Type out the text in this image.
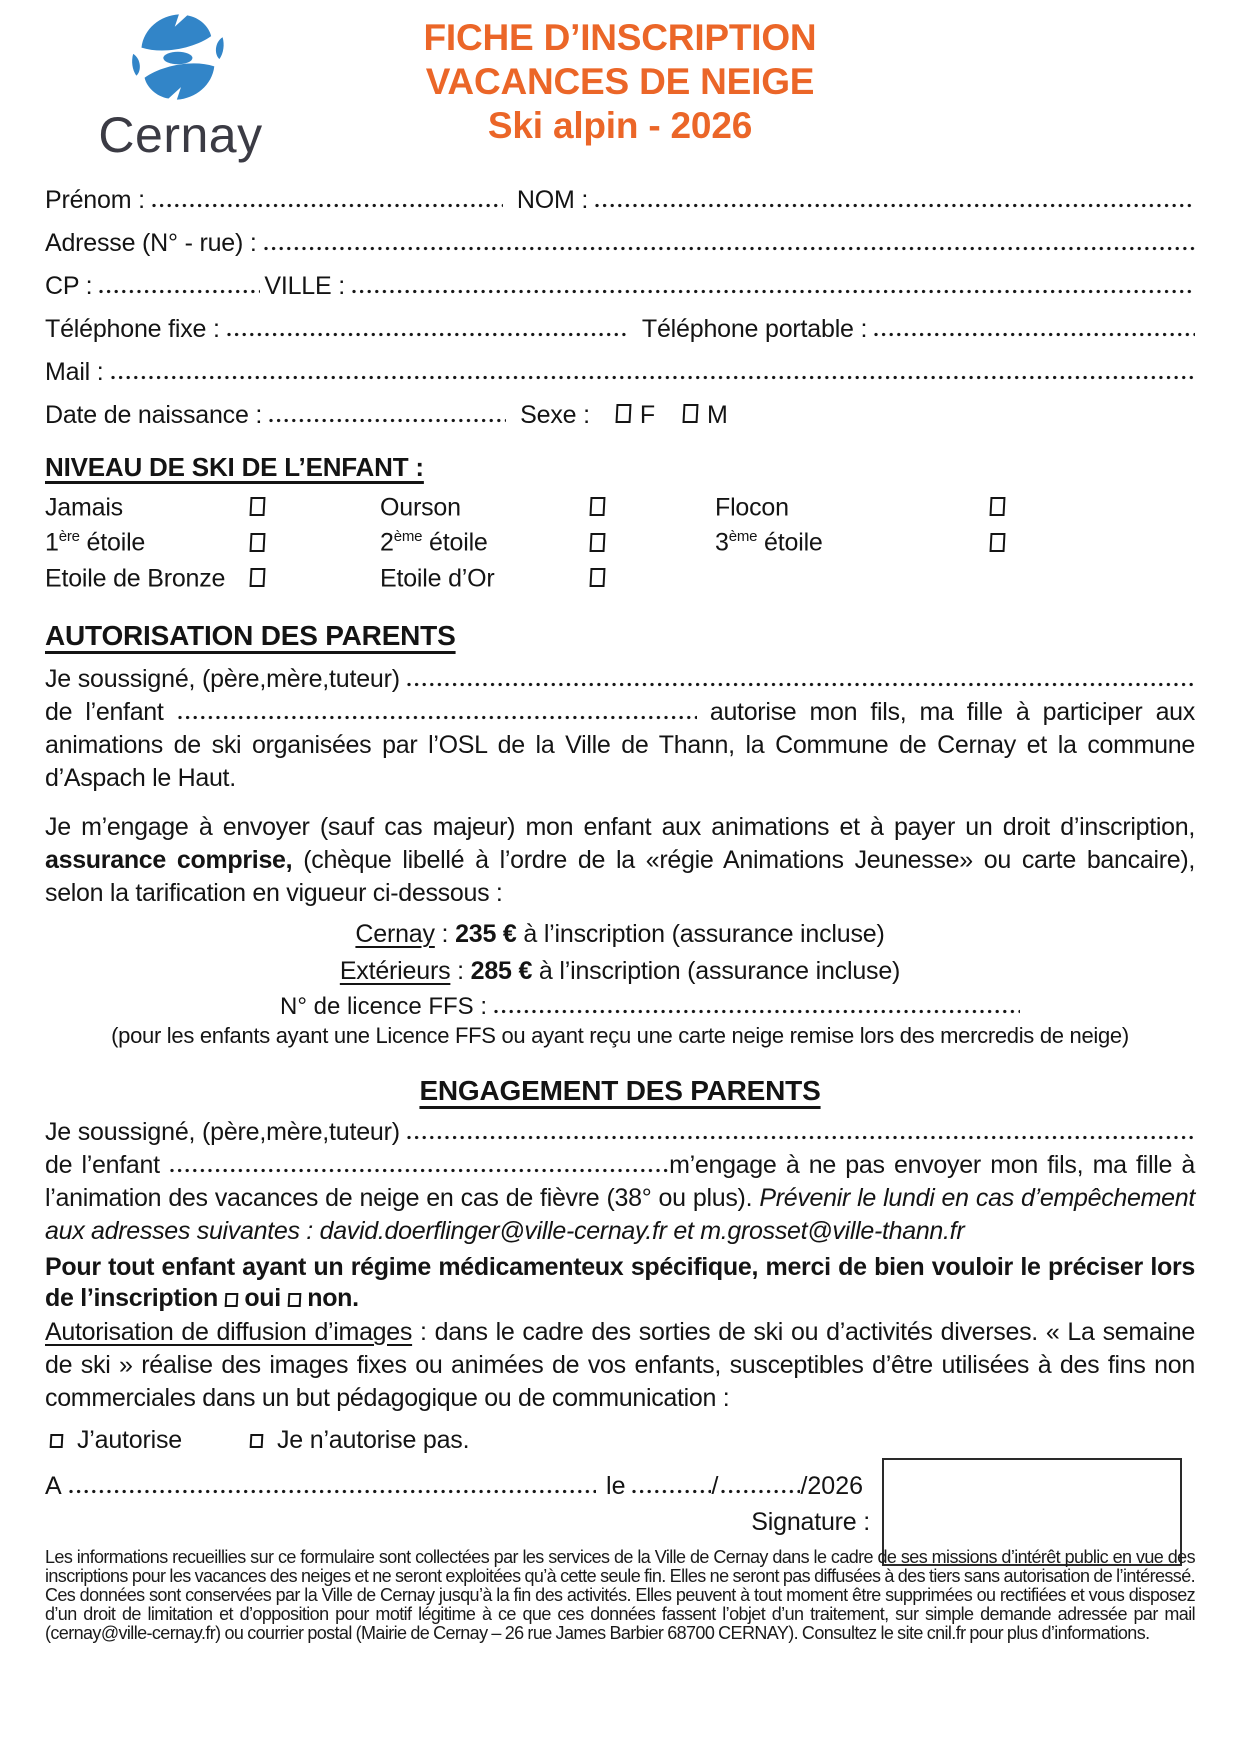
Cernay
FICHE D’INSCRIPTION
VACANCES DE NEIGE
Ski alpin - 2026
Prénom :	NOM :
Adresse (N° - rue) :
CP :	VILLE :
Téléphone fixe :	Téléphone portable :
Mail :
Date de naissance :	Sexe : F M
NIVEAU DE SKI DE L’ENFANT :
Jamais	Ourson	Flocon
1ère étoile	2ème étoile	3ème étoile
Etoile de Bronze	Etoile d’Or
AUTORISATION DES PARENTS
Je soussigné, (père,mère,tuteur)
de l’enfant	autorise mon fils, ma fille à participer aux animations de ski organisées par l’OSL de la Ville de Thann, la Commune de Cernay et la commune d’Aspach le Haut.
Je m’engage à envoyer (sauf cas majeur) mon enfant aux animations et à payer un droit d’inscription, assurance comprise, (chèque libellé à l’ordre de la «régie Animations Jeunesse» ou carte bancaire), selon la tarification en vigueur ci-dessous :
Cernay : 235 € à l’inscription (assurance incluse)
Extérieurs : 285 € à l’inscription (assurance incluse)
N° de licence FFS :
(pour les enfants ayant une Licence FFS ou ayant reçu une carte neige remise lors des mercredis de neige)
ENGAGEMENT DES PARENTS
Je soussigné, (père,mère,tuteur)
de l’enfant	m’engage à ne pas envoyer mon fils, ma fille à l’animation des vacances de neige en cas de fièvre (38° ou plus). Prévenir le lundi en cas d’empêchement aux adresses suivantes : david.doerflinger@ville-cernay.fr et m.grosset@ville-thann.fr
Pour tout enfant ayant un régime médicamenteux spécifique, merci de bien vouloir le préciser lors de l’inscription oui non.
Autorisation de diffusion d’images : dans le cadre des sorties de ski ou d’activités diverses. « La semaine de ski » réalise des images fixes ou animées de vos enfants, susceptibles d’être utilisées à des fins non commerciales dans un but pédagogique ou de communication :
J’autorise	Je n’autorise pas.
A	le	/	/2026
Signature :
Les informations recueillies sur ce formulaire sont collectées par les services de la Ville de Cernay dans le cadre de ses missions d’intérêt public en vue des inscriptions pour les vacances des neiges et ne seront exploitées qu’à cette seule fin. Elles ne seront pas diffusées à des tiers sans autorisation de l’intéressé. Ces données sont conservées par la Ville de Cernay jusqu’à la fin des activités. Elles peuvent à tout moment être supprimées ou rectifiées et vous disposez d’un droit de limitation et d’opposition pour motif légitime à ce que ces données fassent l’objet d’un traitement, sur simple demande adressée par mail (cernay@ville-cernay.fr) ou courrier postal (Mairie de Cernay – 26 rue James Barbier 68700 CERNAY). Consultez le site cnil.fr pour plus d’informations.
